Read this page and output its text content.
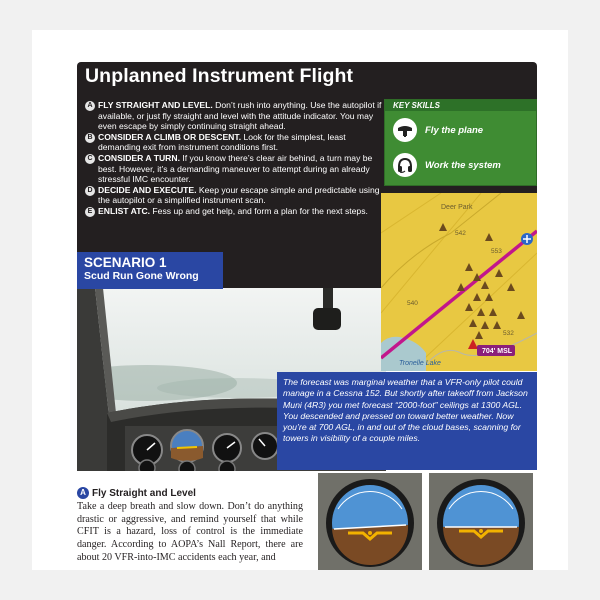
Unplanned Instrument Flight
A FLY STRAIGHT AND LEVEL. Don’t rush into anything. Use the autopilot if available, or just fly straight and level with the attitude indicator. You may even escape by simply continuing straight ahead.
B CONSIDER A CLIMB OR DESCENT. Look for the simplest, least demanding exit from instrument conditions first.
C CONSIDER A TURN. If you know there’s clear air behind, a turn may be best. However, it’s a demanding maneuver to attempt during an already stressful IMC encounter.
D DECIDE AND EXECUTE. Keep your escape simple and predictable using the autopilot or a simplified instrument scan.
E ENLIST ATC. Fess up and get help, and form a plan for the next steps.
SCENARIO 1
Scud Run Gone Wrong
KEY SKILLS
Fly the plane
Work the system
704' MSL
Deer Park
Tronelle Lake
553
532
540
542
The forecast was marginal weather that a VFR-only pilot could manage in a Cessna 152. But shortly after takeoff from Jackson Muni (4R3) you met forecast “2000-foot” ceilings at 1300 AGL. You descended and pressed on toward better weather. Now you’re at 700 AGL, in and out of the cloud bases, scanning for towers in visibility of a couple miles.
A Fly Straight and Level
Take a deep breath and slow down. Don’t do anything drastic or aggressive, and remind yourself that while CFIT is a hazard, loss of control is the immediate danger. According to AOPA’s Nall Report, there are about 20 VFR-into-IMC accidents each year, and
